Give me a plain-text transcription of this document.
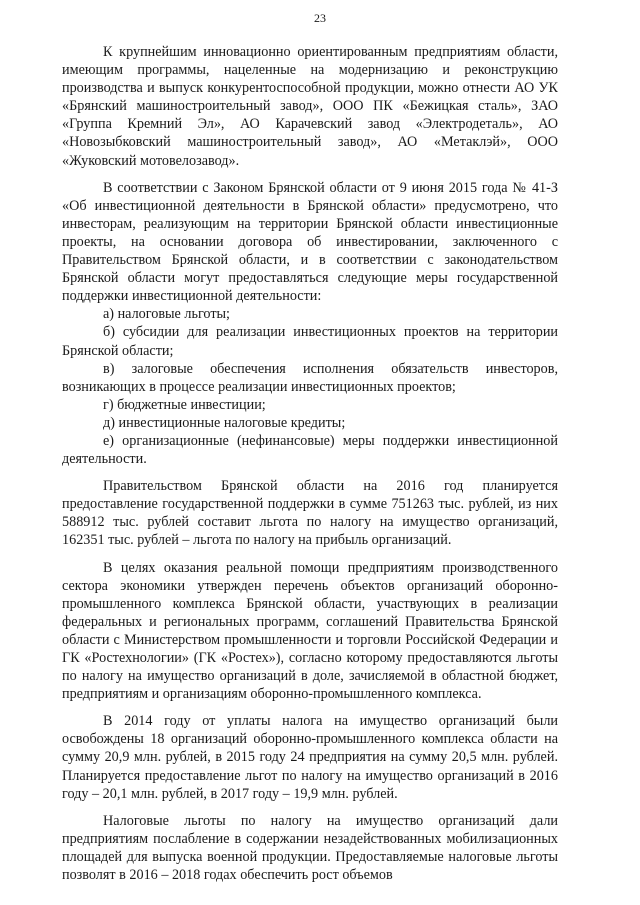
23

К крупнейшим инновационно ориентированным предприятиям области, имеющим программы, нацеленные на модернизацию и реконструкцию производства и выпуск конкурентоспособной продукции, можно отнести АО УК «Брянский машиностроительный завод», ООО ПК «Бежицкая сталь», ЗАО «Группа Кремний Эл», АО Карачевский завод «Электродеталь», АО «Новозыбковский машиностроительный завод», АО «Метаклэй», ООО «Жуковский мотовелозавод».

В соответствии с Законом Брянской области от 9 июня 2015 года № 41-З «Об инвестиционной деятельности в Брянской области» предусмотрено, что инвесторам, реализующим на территории Брянской области инвестиционные проекты, на основании договора об инвестировании, заключенного с Правительством Брянской области, и в соответствии с законодательством Брянской области могут предоставляться следующие меры государственной поддержки инвестиционной деятельности:

а) налоговые льготы;

б) субсидии для реализации инвестиционных проектов на территории Брянской области;

в) залоговые обеспечения исполнения обязательств инвесторов, возникающих в процессе реализации инвестиционных проектов;

г) бюджетные инвестиции;

д) инвестиционные налоговые кредиты;

е) организационные (нефинансовые) меры поддержки инвестиционной деятельности.

Правительством Брянской области на 2016 год планируется предоставление государственной поддержки в сумме 751263 тыс. рублей, из них 588912 тыс. рублей составит льгота по налогу на имущество организаций, 162351 тыс. рублей – льгота по налогу на прибыль организаций.

В целях оказания реальной помощи предприятиям производственного сектора экономики утвержден перечень объектов организаций оборонно-промышленного комплекса Брянской области, участвующих в реализации федеральных и региональных программ, соглашений Правительства Брянской области с Министерством промышленности и торговли Российской Федерации и ГК «Ростехнологии» (ГК «Ростех»), согласно которому предоставляются льготы по налогу на имущество организаций в доле, зачисляемой в областной бюджет, предприятиям и организациям оборонно-промышленного комплекса.

В 2014 году от уплаты налога на имущество организаций были освобождены 18 организаций оборонно-промышленного комплекса области на сумму 20,9 млн. рублей, в 2015 году 24 предприятия на сумму 20,5 млн. рублей. Планируется предоставление льгот по налогу на имущество организаций в 2016 году – 20,1 млн. рублей, в 2017 году – 19,9 млн. рублей.

Налоговые льготы по налогу на имущество организаций дали предприятиям послабление в содержании незадействованных мобилизационных площадей для выпуска военной продукции. Предоставляемые налоговые льготы позволят в 2016 – 2018 годах обеспечить рост объемов
